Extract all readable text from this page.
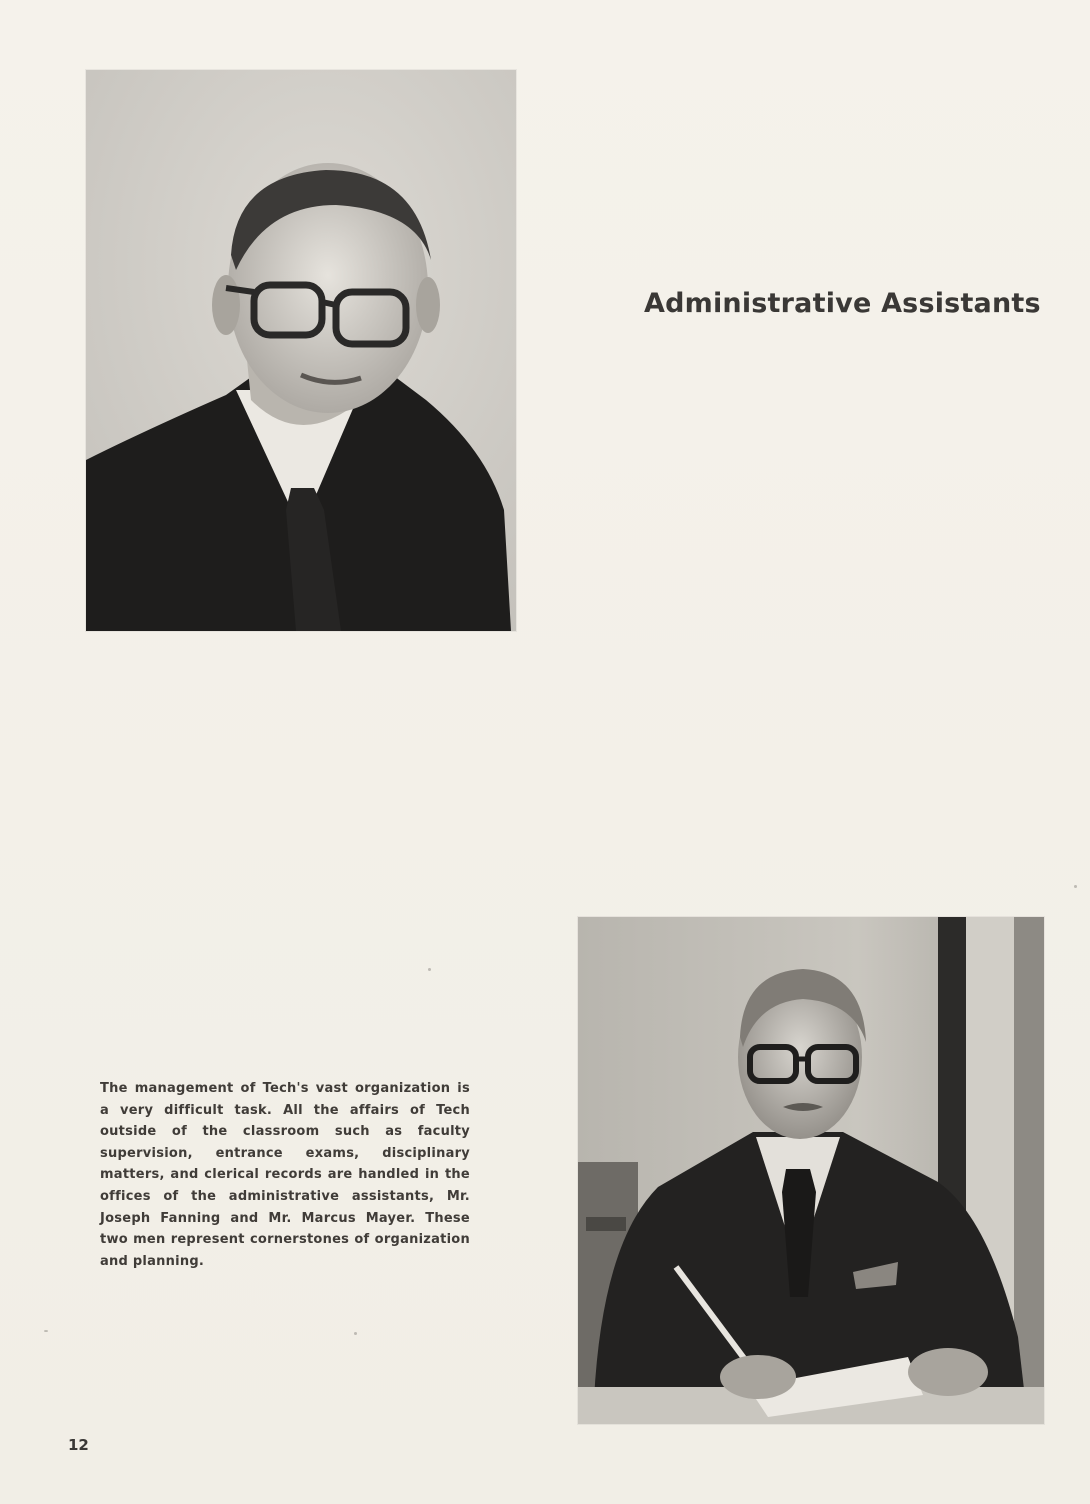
Administrative Assistants

The management of Tech's vast organization is a very difficult task. All the affairs of Tech outside of the classroom such as faculty supervision, entrance exams, disciplinary matters, and clerical records are handled in the offices of the administrative assistants, Mr. Joseph Fanning and Mr. Marcus Mayer. These two men represent cornerstones of organization and planning.

12
